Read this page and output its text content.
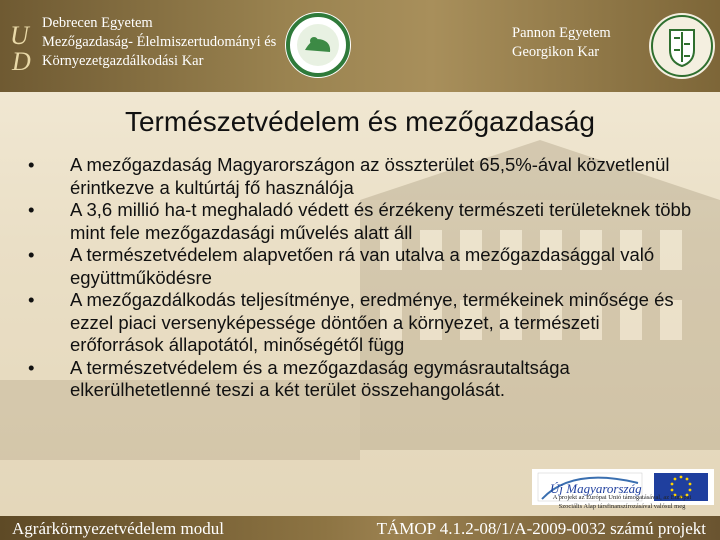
U
D
Debrecen Egyetem
Mezőgazdaság- Élelmiszertudományi és
Környezetgazdálkodási Kar
Pannon Egyetem
Georgikon Kar
Természetvédelem és mezőgazdaság
• A mezőgazdaság Magyarországon az összterület 65,5%-ával közvetlenül érintkezve a kultúrtáj fő használója
• A 3,6 millió ha-t meghaladó védett és érzékeny természeti területeknek több mint fele mezőgazdasági művelés alatt áll
• A természetvédelem alapvetően rá van utalva a mezőgazdasággal való együttműködésre
• A mezőgazdálkodás teljesítménye, eredménye, termékeinek minősége és ezzel piaci versenyképessége döntően a környezet, a természeti erőforrások állapotától, minőségétől függ
• A természetvédelem és a mezőgazdaság egymásrautaltsága elkerülhetetlenné teszi a két terület összehangolását.
Új Magyarország
A projekt az Európai Unió támogatásával, az Európai
Szociális Alap társfinanszírozásával valósul meg
Agrárkörnyezetvédelem modul	TÁMOP 4.1.2-08/1/A-2009-0032 számú projekt
